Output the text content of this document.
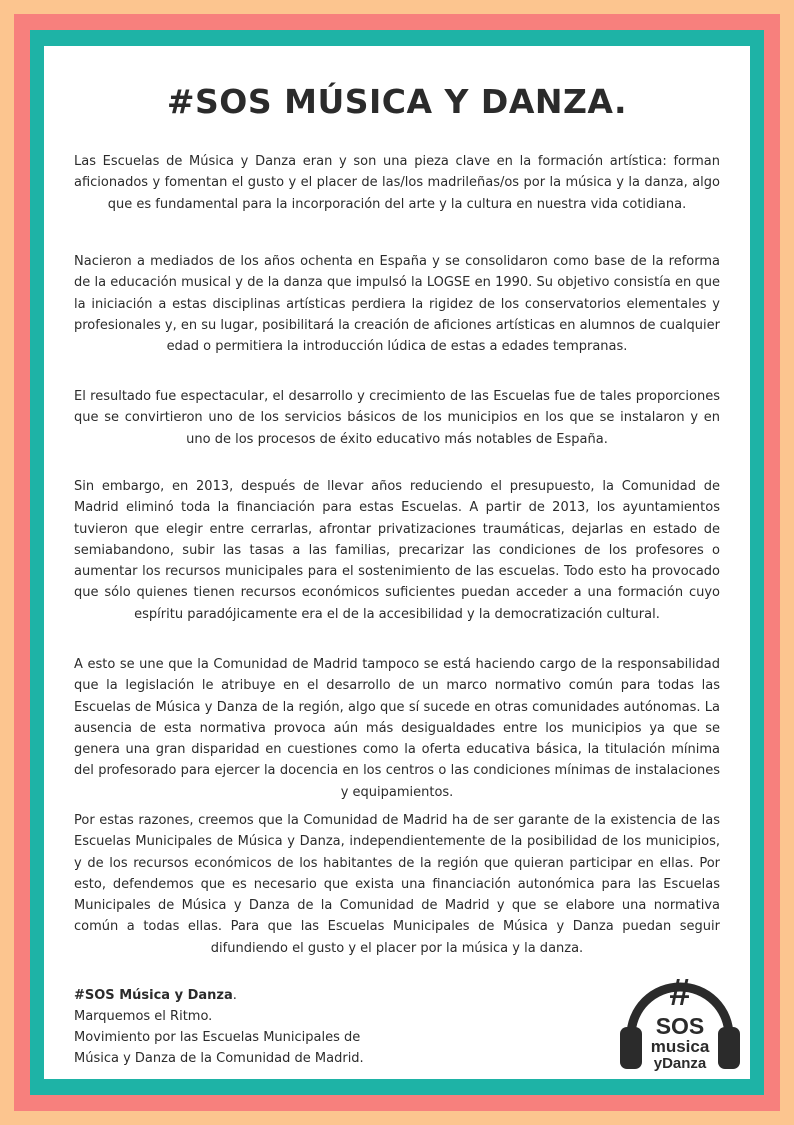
#SOS MÚSICA Y DANZA.

Las Escuelas de Música y Danza eran y son una pieza clave en la formación artística: forman aficionados y fomentan el gusto y el placer de las/los madrileñas/os por la música y la danza, algo que es fundamental para la incorporación del arte y la cultura en nuestra vida cotidiana.

Nacieron a mediados de los años ochenta en España y se consolidaron como base de la reforma de la educación musical y de la danza que impulsó la LOGSE en 1990. Su objetivo consistía en que la iniciación a estas disciplinas artísticas perdiera la rigidez de los conservatorios elementales y profesionales y, en su lugar, posibilitará la creación de aficiones artísticas en alumnos de cualquier edad o permitiera la introducción lúdica de estas a edades tempranas.

El resultado fue espectacular, el desarrollo y crecimiento de las Escuelas fue de tales proporciones que se convirtieron uno de los servicios básicos de los municipios en los que se instalaron y en uno de los procesos de éxito educativo más notables de España.

Sin embargo, en 2013, después de llevar años reduciendo el presupuesto, la Comunidad de Madrid eliminó toda la financiación para estas Escuelas. A partir de 2013, los ayuntamientos tuvieron que elegir entre cerrarlas, afrontar privatizaciones traumáticas, dejarlas en estado de semiabandono, subir las tasas a las familias, precarizar las condiciones de los profesores o aumentar los recursos municipales para el sostenimiento de las escuelas. Todo esto ha provocado que sólo quienes tienen recursos económicos suficientes puedan acceder a una formación cuyo espíritu paradójicamente era el de la accesibilidad y la democratización cultural.

A esto se une que la Comunidad de Madrid tampoco se está haciendo cargo de la responsabilidad que la legislación le atribuye en el desarrollo de un marco normativo común para todas las Escuelas de Música y Danza de la región, algo que sí sucede en otras comunidades autónomas. La ausencia de esta normativa provoca aún más desigualdades entre los municipios ya que se genera una gran disparidad en cuestiones como la oferta educativa básica, la titulación mínima del profesorado para ejercer la docencia en los centros o las condiciones mínimas de instalaciones y equipamientos.

Por estas razones, creemos que la Comunidad de Madrid ha de ser garante de la existencia de las Escuelas Municipales de Música y Danza, independientemente de la posibilidad de los municipios, y de los recursos económicos de los habitantes de la región que quieran participar en ellas. Por esto, defendemos que es necesario que exista una financiación autonómica para las Escuelas Municipales de Música y Danza de la Comunidad de Madrid y que se elabore una normativa común a todas ellas. Para que las Escuelas Municipales de Música y Danza puedan seguir difundiendo el gusto y el placer por la música y la danza.

#SOS Música y Danza.
Marquemos el Ritmo.
Movimiento por las Escuelas Municipales de
Música y Danza de la Comunidad de Madrid.
#
SOS
musica
yDanza
